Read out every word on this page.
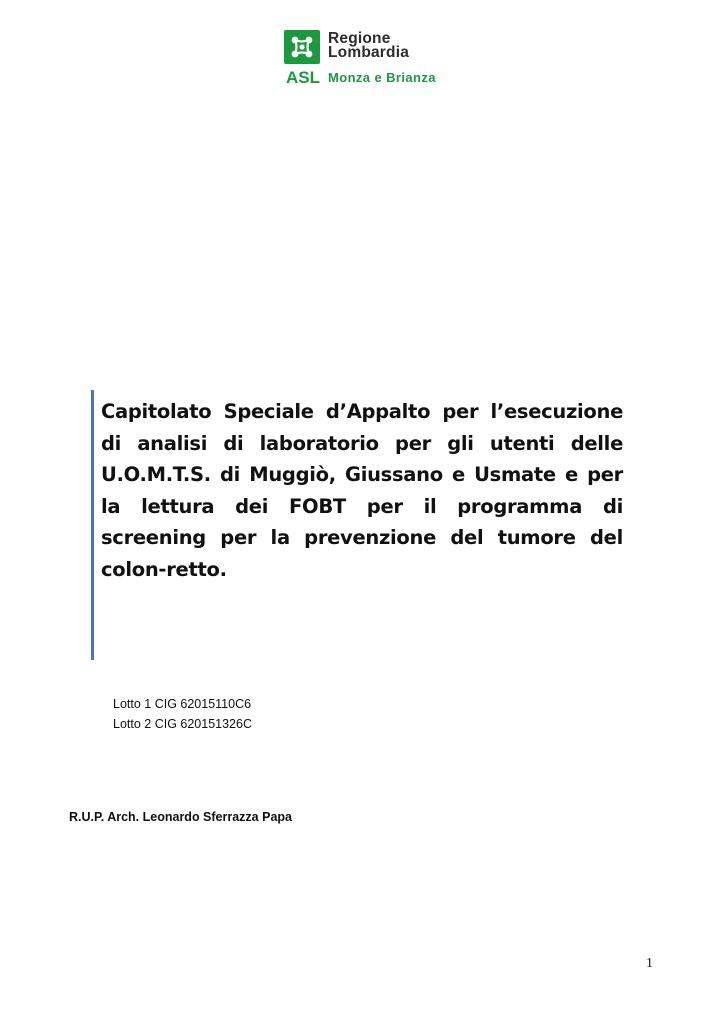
Regione
Lombardia
ASL Monza e Brianza
Capitolato Speciale d’Appalto per l’esecuzione di analisi di laboratorio per gli utenti delle U.O.M.T.S. di Muggiò, Giussano e Usmate e per la lettura dei FOBT per il programma di screening per la prevenzione del tumore del colon-retto.
Lotto 1 CIG 62015110C6
Lotto 2 CIG 620151326C
R.U.P. Arch. Leonardo Sferrazza Papa
1
